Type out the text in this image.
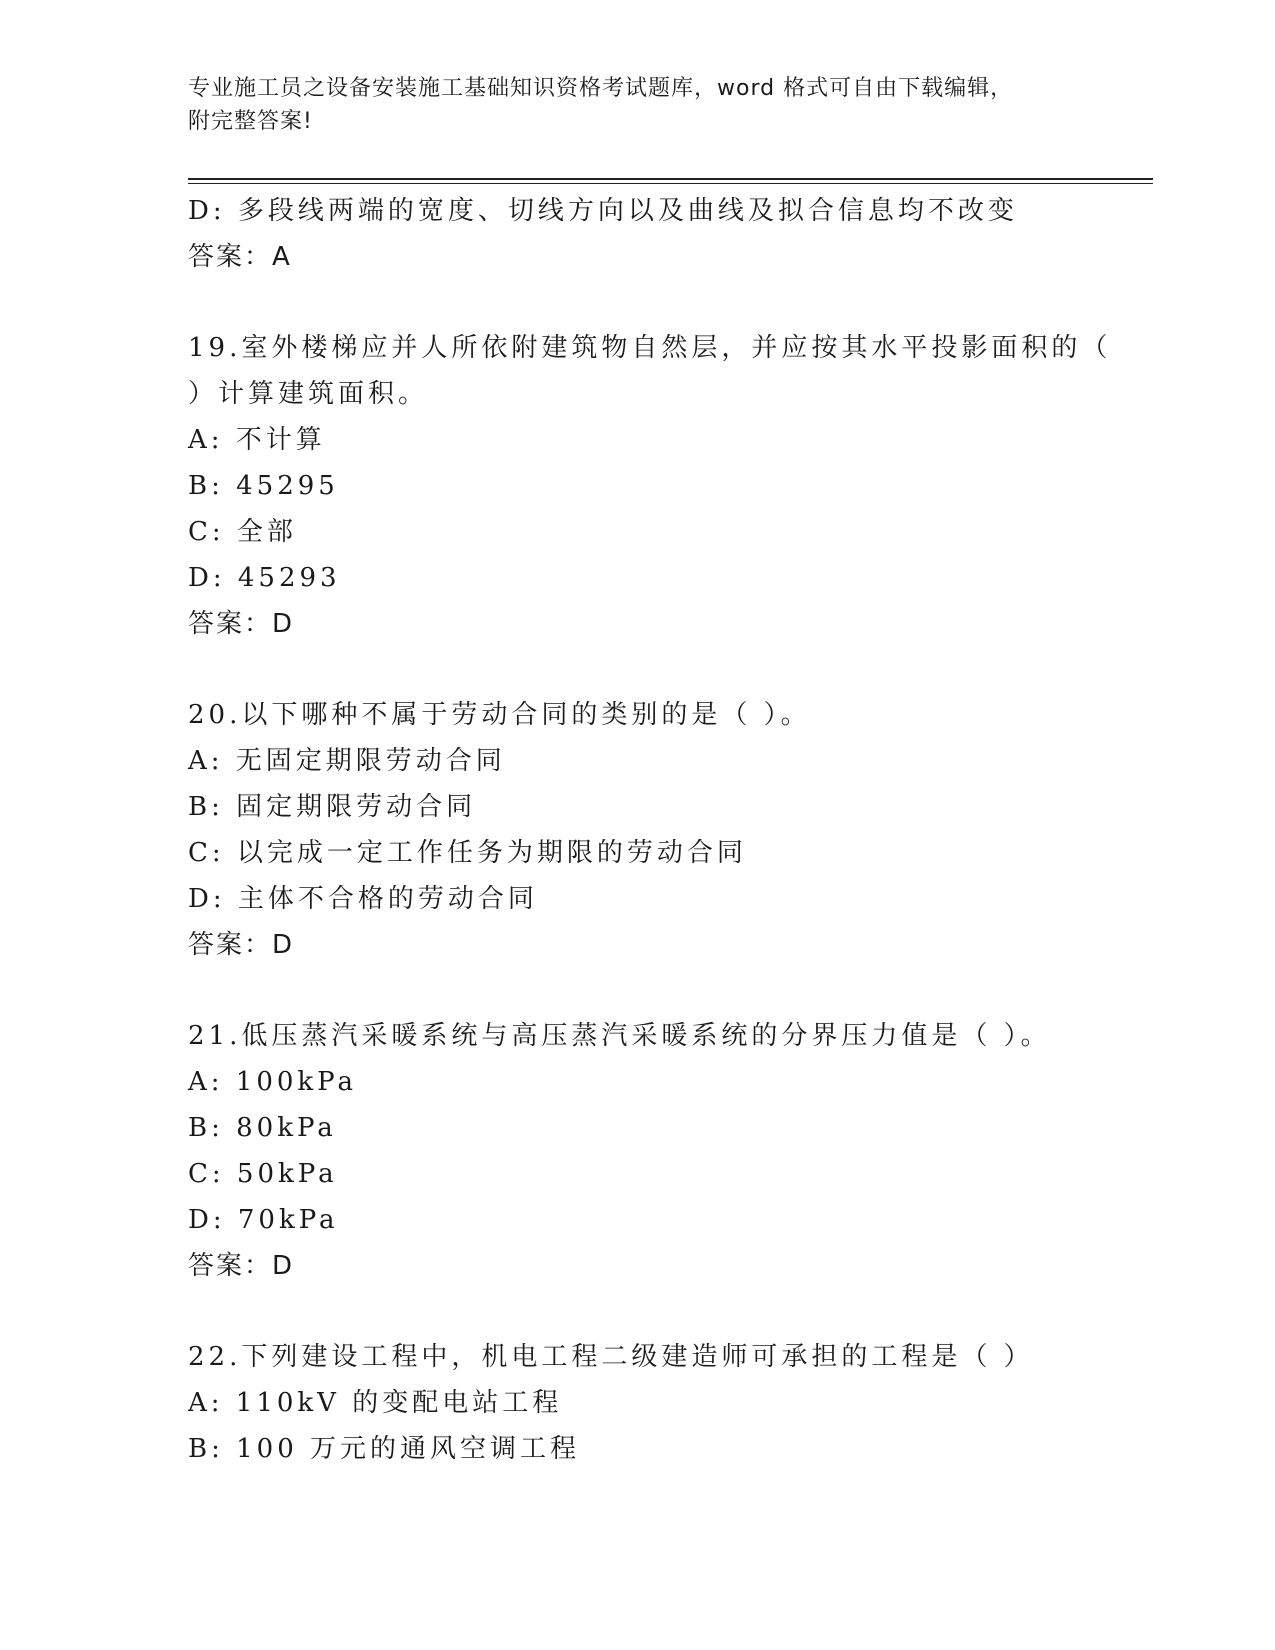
专业施工员之设备安装施工基础知识资格考试题库，word 格式可自由下载编辑，
附完整答案!
D: 多段线两端的宽度、切线方向以及曲线及拟合信息均不改变
答案：A
19.室外楼梯应并人所依附建筑物自然层，并应按其水平投影面积的（
）计算建筑面积。
A: 不计算
B: 45295
C: 全部
D: 45293
答案：D
20.以下哪种不属于劳动合同的类别的是（ ）。
A: 无固定期限劳动合同
B: 固定期限劳动合同
C: 以完成一定工作任务为期限的劳动合同
D: 主体不合格的劳动合同
答案：D
21.低压蒸汽采暖系统与高压蒸汽采暖系统的分界压力值是（ ）。
A: 100kPa
B: 80kPa
C: 50kPa
D: 70kPa
答案：D
22.下列建设工程中，机电工程二级建造师可承担的工程是（ ）
A: 110kV 的变配电站工程
B: 100 万元的通风空调工程
